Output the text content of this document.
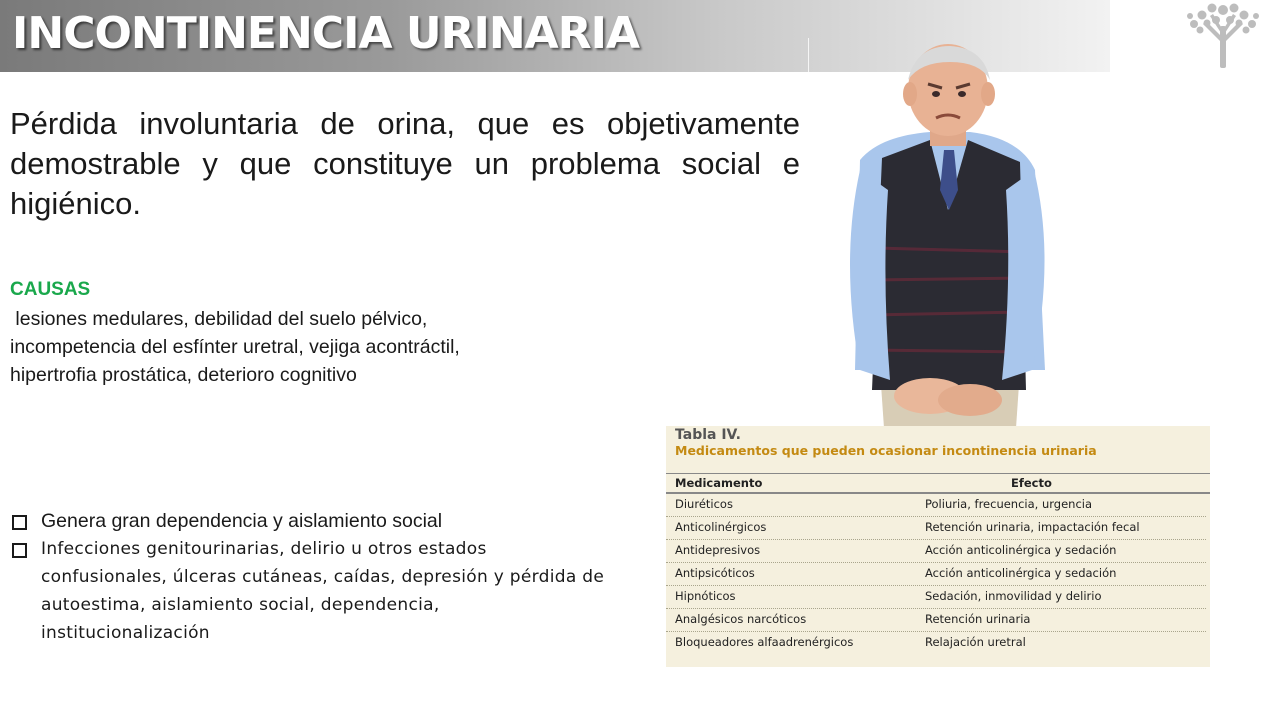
INCONTINENCIA URINARIA
Pérdida involuntaria de orina, que es objetivamente demostrable y que constituye un problema social e higiénico.
CAUSAS
lesiones medulares, debilidad del suelo pélvico, incompetencia del esfínter uretral, vejiga acontráctil, hipertrofia prostática, deterioro cognitivo
Genera gran dependencia y aislamiento social
Infecciones genitourinarias, delirio u otros estados confusionales, úlceras cutáneas, caídas, depresión y pérdida de autoestima, aislamiento social, dependencia, institucionalización
Tabla IV.
Medicamentos que pueden ocasionar incontinencia urinaria
Medicamento	Efecto
Diuréticos	Poliuria, frecuencia, urgencia
Anticolinérgicos	Retención urinaria, impactación fecal
Antidepresivos	Acción anticolinérgica y sedación
Antipsicóticos	Acción anticolinérgica y sedación
Hipnóticos	Sedación, inmovilidad y delirio
Analgésicos narcóticos	Retención urinaria
Bloqueadores alfaadrenérgicos	Relajación uretral
